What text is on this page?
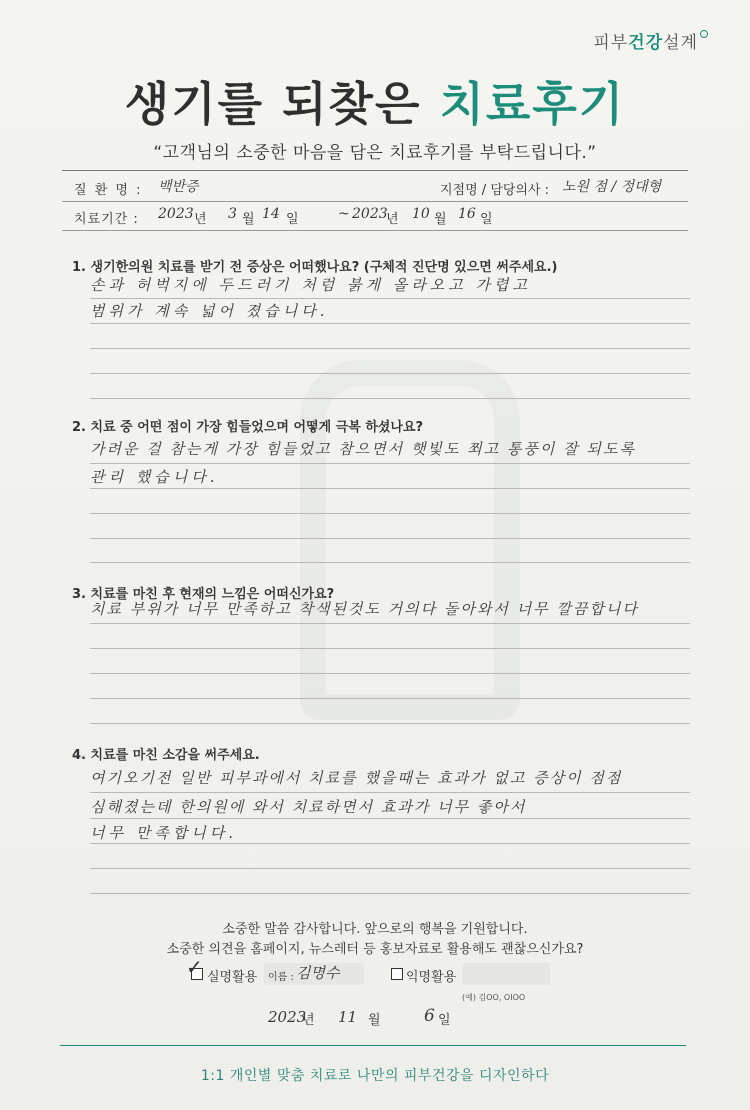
피부건강설계
생기를 되찾은 치료후기
“고객님의 소중한 마음을 담은 치료후기를 부탁드립니다.”
질 환 명 : 백반증	지점명 / 담당의사 : 노원 점 / 정대형
치료기간 : 2023 년 3 월 14 일	~ 2023
년 10 월 16 일
1. 생기한의원 치료를 받기 전 증상은 어떠했나요? (구체적 진단명 있으면 써주세요.)
손과 허벅지에 두드러기 처럼 붉게 올라오고 가렵고
범위가 계속 넓어 졌습니다.
2. 치료 중 어떤 점이 가장 힘들었으며 어떻게 극복 하셨나요?
가려운 걸 참는게 가장 힘들었고 참으면서 햇빛도 쬐고 통풍이 잘 되도록
관리 했습니다.
3. 치료를 마친 후 현재의 느낌은 어떠신가요?
치료 부위가 너무 만족하고 착색된것도 거의다 돌아와서 너무 깔끔합니다
4. 치료를 마친 소감을 써주세요.
여기오기전 일반 피부과에서 치료를 했을때는 효과가 없고 증상이 점점
심해졌는데 한의원에 와서 치료하면서 효과가 너무 좋아서
너무 만족합니다.
소중한 말씀 감사합니다. 앞으로의 행복을 기원합니다.
소중한 의견을 홈페이지, 뉴스레터 등 홍보자료로 활용해도 괜찮으신가요?
✓ 실명활용 이름 : 김명수	익명활용
(예) 김OO, OIOO
2023
년 11 월	6 일
1:1 개인별 맞춤 치료로 나만의 피부건강을 디자인하다
